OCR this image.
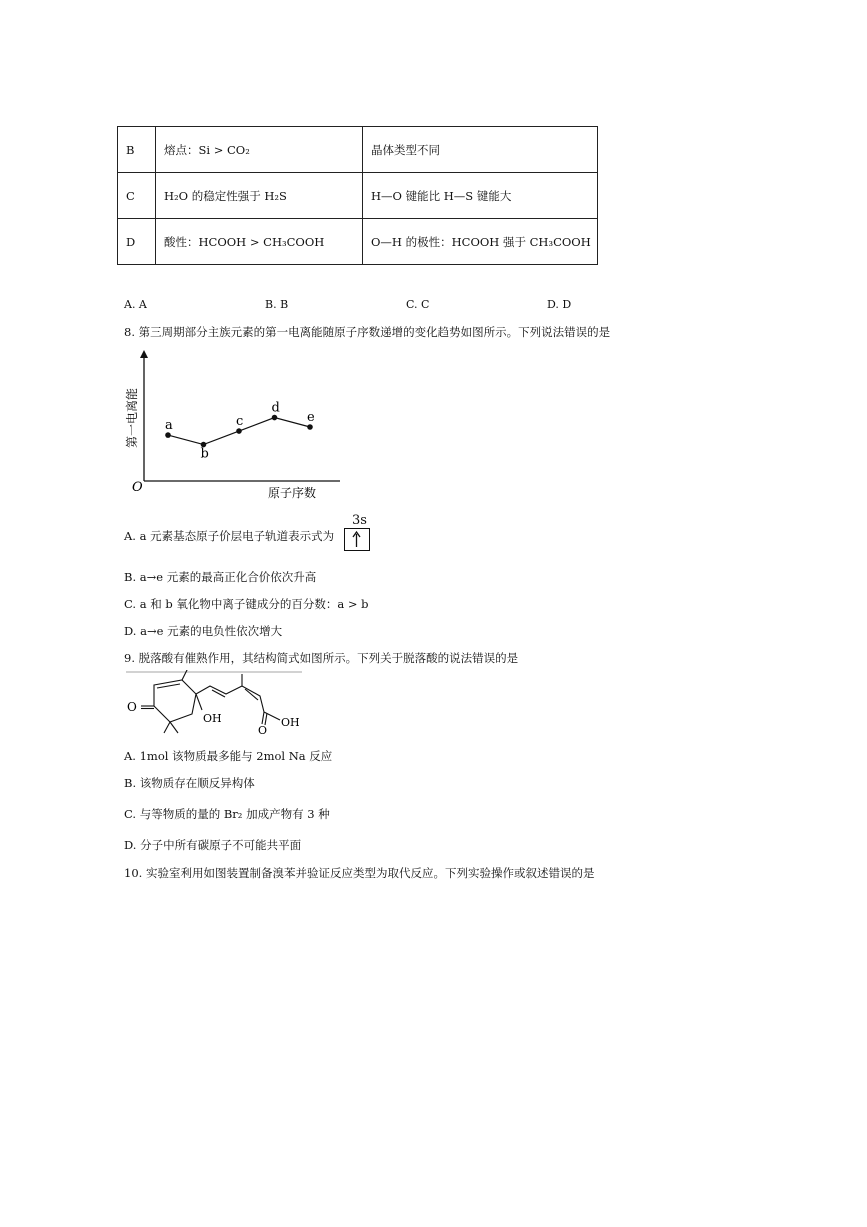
B	熔点：Si > CO₂	晶体类型不同
C	H₂O 的稳定性强于 H₂S	H—O 键能比 H—S 键能大
D	酸性：HCOOH > CH₃COOH	O—H 的极性：HCOOH 强于 CH₃COOH
A. A	B. B	C. C	D. D
8. 第三周期部分主族元素的第一电离能随原子序数递增的变化趋势如图所示。下列说法错误的是
O
第一电离能
原子序数
a
b
c
d
e
A. a 元素基态原子价层电子轨道表示式为
3s
B. a→e 元素的最高正化合价依次升高
C. a 和 b 氧化物中离子键成分的百分数：a > b
D. a→e 元素的电负性依次增大
9. 脱落酸有催熟作用，其结构简式如图所示。下列关于脱落酸的说法错误的是
O
OH
O
OH
A. 1mol 该物质最多能与 2mol Na 反应
B. 该物质存在顺反异构体
C. 与等物质的量的 Br₂ 加成产物有 3 种
D. 分子中所有碳原子不可能共平面
10. 实验室利用如图装置制备溴苯并验证反应类型为取代反应。下列实验操作或叙述错误的是
